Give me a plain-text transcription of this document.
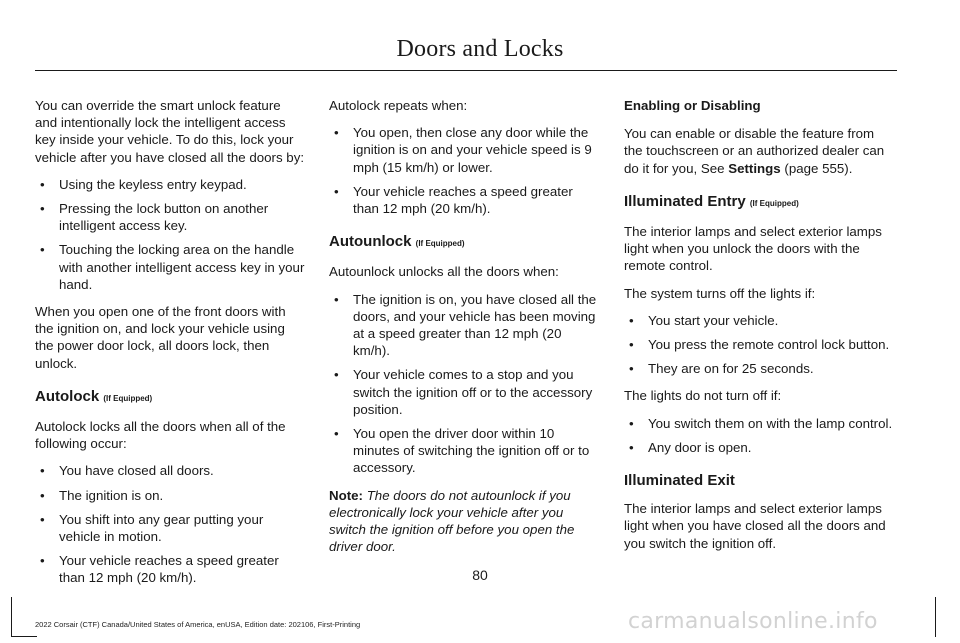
Doors and Locks

You can override the smart unlock feature and intentionally lock the intelligent access key inside your vehicle. To do this, lock your vehicle after you have closed all the doors by:

• Using the keyless entry keypad.
• Pressing the lock button on another intelligent access key.
• Touching the locking area on the handle with another intelligent access key in your hand.

When you open one of the front doors with the ignition on, and lock your vehicle using the power door lock, all doors lock, then unlock.

Autolock (If Equipped)

Autolock locks all the doors when all of the following occur:

• You have closed all doors.
• The ignition is on.
• You shift into any gear putting your vehicle in motion.
• Your vehicle reaches a speed greater than 12 mph (20 km/h).

Autolock repeats when:

• You open, then close any door while the ignition is on and your vehicle speed is 9 mph (15 km/h) or lower.
• Your vehicle reaches a speed greater than 12 mph (20 km/h).
Autounlock (If Equipped)

Autounlock unlocks all the doors when:

• The ignition is on, you have closed all the doors, and your vehicle has been moving at a speed greater than 12 mph (20 km/h).
• Your vehicle comes to a stop and you switch the ignition off or to the accessory position.
• You open the driver door within 10 minutes of switching the ignition off or to accessory.

Note: The doors do not autounlock if you electronically lock your vehicle after you switch the ignition off before you open the driver door.

Enabling or Disabling

You can enable or disable the feature from the touchscreen or an authorized dealer can do it for you, See Settings (page 555).

Illuminated Entry (If Equipped)

The interior lamps and select exterior lamps light when you unlock the doors with the remote control.

The system turns off the lights if:

• You start your vehicle.
• You press the remote control lock button.
• They are on for 25 seconds.

The lights do not turn off if:

• You switch them on with the lamp control.
• Any door is open.
Illuminated Exit

The interior lamps and select exterior lamps light when you have closed all the doors and you switch the ignition off.

80
2022 Corsair (CTF) Canada/United States of America, enUSA, Edition date: 202106, First-Printing	carmanualsonline.info
